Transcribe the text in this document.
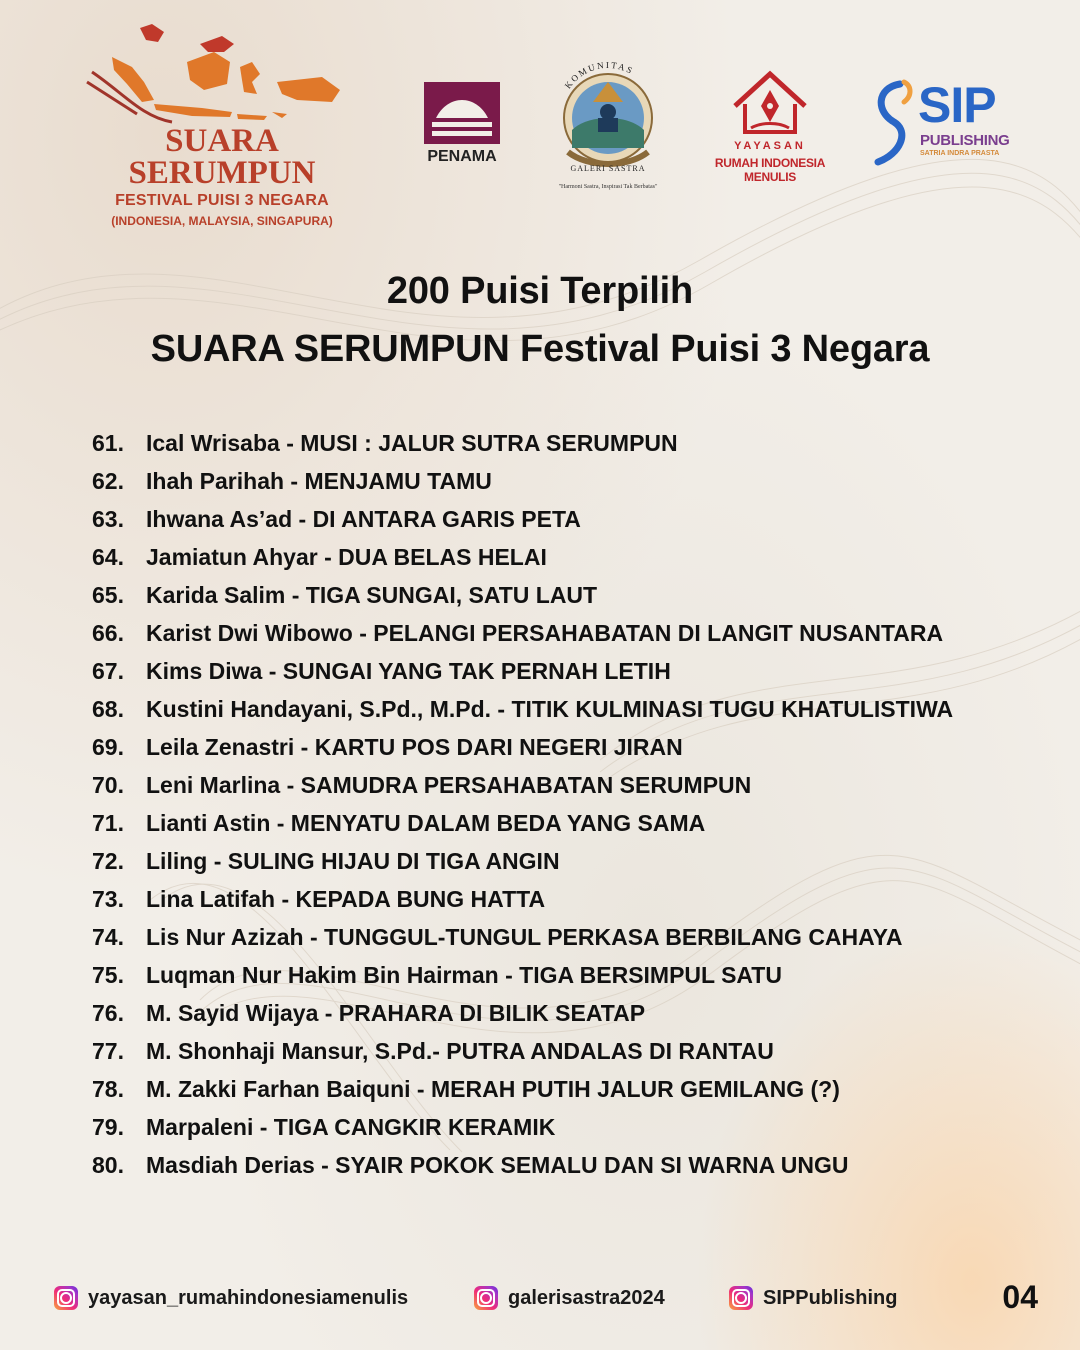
SUARA
SERUMPUN
FESTIVAL PUISI 3 NEGARA
(INDONESIA, MALAYSIA, SINGAPURA)
PENAMA
KOMUNITAS
GALERI SASTRA
"Harmoni Sastra, Inspirasi Tak Berbatas"
YAYASAN
RUMAH INDONESIA MENULIS
SIP
PUBLISHING
SATRIA INDRA PRASTA
200 Puisi Terpilih
SUARA SERUMPUN Festival Puisi 3 Negara
61. Ical Wrisaba - MUSI : JALUR SUTRA SERUMPUN
62. Ihah Parihah - MENJAMU TAMU
63. Ihwana As’ad - DI ANTARA GARIS PETA
64. Jamiatun Ahyar - DUA BELAS HELAI
65. Karida Salim - TIGA SUNGAI, SATU LAUT
66. Karist Dwi Wibowo - PELANGI PERSAHABATAN DI LANGIT NUSANTARA
67. Kims Diwa - SUNGAI YANG TAK PERNAH LETIH
68. Kustini Handayani, S.Pd., M.Pd. - TITIK KULMINASI TUGU KHATULISTIWA
69. Leila Zenastri - KARTU POS DARI NEGERI JIRAN
70. Leni Marlina - SAMUDRA PERSAHABATAN SERUMPUN
71. Lianti Astin - MENYATU DALAM BEDA YANG SAMA
72. Liling - SULING HIJAU DI TIGA ANGIN
73. Lina Latifah - KEPADA BUNG HATTA
74. Lis Nur Azizah - TUNGGUL-TUNGUL PERKASA BERBILANG CAHAYA
75. Luqman Nur Hakim Bin Hairman - TIGA BERSIMPUL SATU
76. M. Sayid Wijaya - PRAHARA DI BILIK SEATAP
77. M. Shonhaji Mansur, S.Pd.- PUTRA ANDALAS DI RANTAU
78. M. Zakki Farhan Baiquni - MERAH PUTIH JALUR GEMILANG (?)
79. Marpaleni - TIGA CANGKIR KERAMIK
80. Masdiah Derias - SYAIR POKOK SEMALU DAN SI WARNA UNGU
yayasan_rumahindonesiamenulis	galerisastra2024	SIPPublishing	04
